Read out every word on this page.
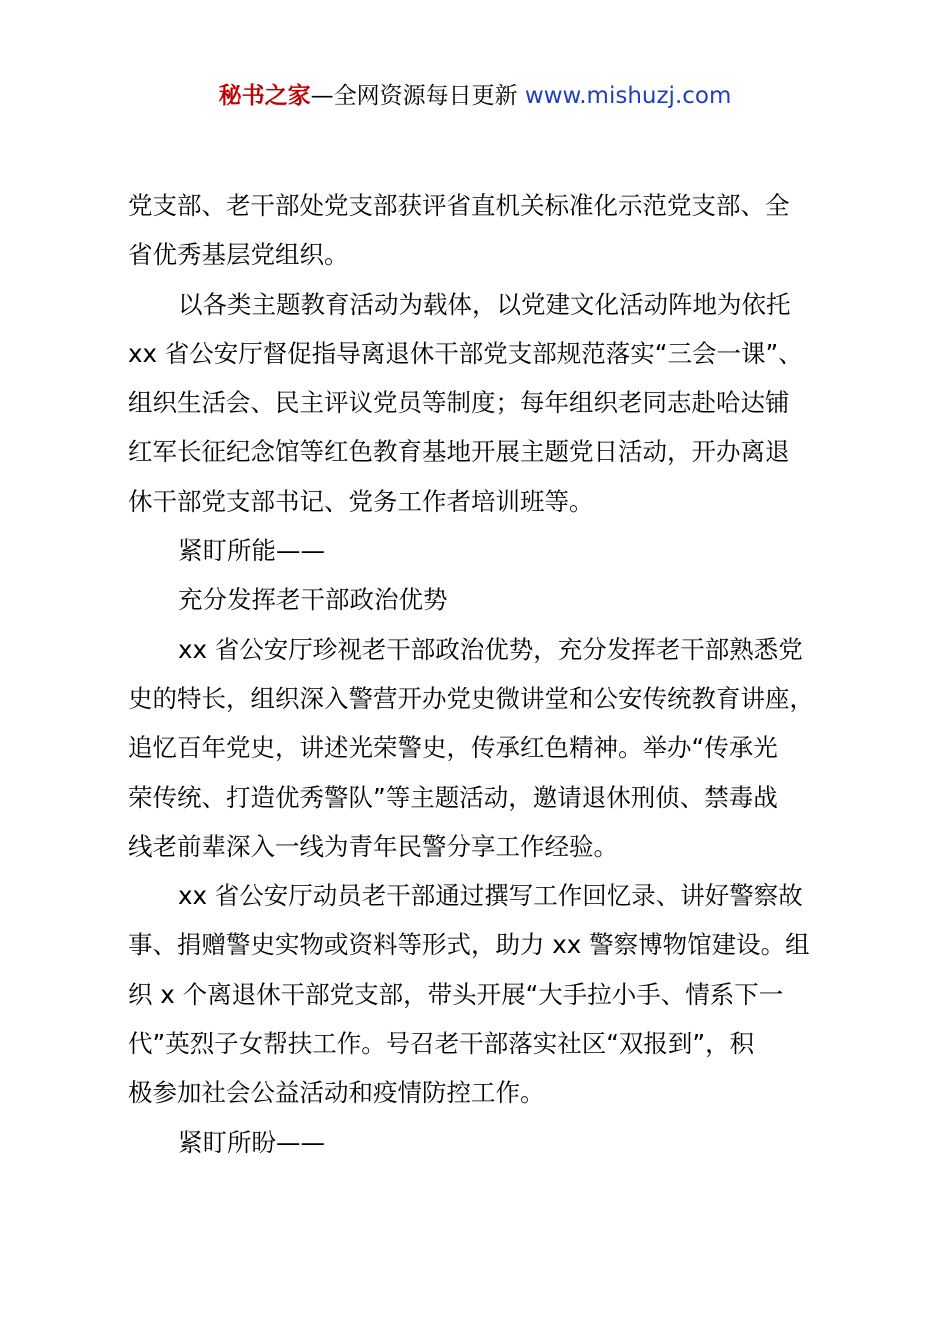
秘书之家—全网资源每日更新 www.mishuzj.com
党支部、老干部处党支部获评省直机关标准化示范党支部、全
省优秀基层党组织。
以各类主题教育活动为载体，以党建文化活动阵地为依托
xx 省公安厅督促指导离退休干部党支部规范落实“三会一课”、
组织生活会、民主评议党员等制度；每年组织老同志赴哈达铺
红军长征纪念馆等红色教育基地开展主题党日活动，开办离退
休干部党支部书记、党务工作者培训班等。
紧盯所能——
充分发挥老干部政治优势
xx 省公安厅珍视老干部政治优势，充分发挥老干部熟悉党
史的特长，组织深入警营开办党史微讲堂和公安传统教育讲座，
追忆百年党史，讲述光荣警史，传承红色精神。举办“传承光
荣传统、打造优秀警队”等主题活动，邀请退休刑侦、禁毒战
线老前辈深入一线为青年民警分享工作经验。
xx 省公安厅动员老干部通过撰写工作回忆录、讲好警察故
事、捐赠警史实物或资料等形式，助力 xx 警察博物馆建设。组
织 x 个离退休干部党支部，带头开展“大手拉小手、情系下一
代”英烈子女帮扶工作。号召老干部落实社区“双报到”，积
极参加社会公益活动和疫情防控工作。
紧盯所盼——
